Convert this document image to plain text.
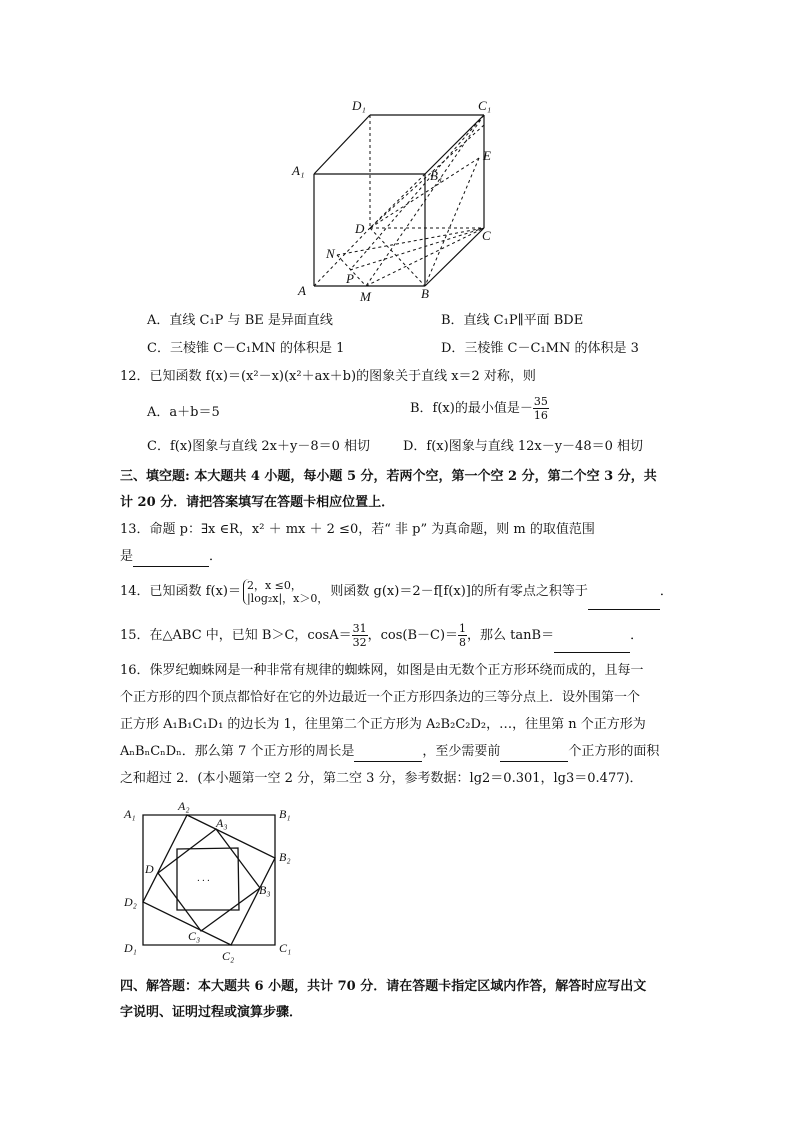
D₁	C₁
A₁	B₁
E
D	C
N
P
A	M	B
A．直线 C₁P 与 BE 是异面直线	B．直线 C₁P∥平面 BDE
C．三棱锥 C－C₁MN 的体积是 1	D．三棱锥 C－C₁MN 的体积是 3
12．已知函数 f(x)＝(x²－x)(x²＋ax＋b)的图象关于直线 x＝2 对称，则
A．a＋b＝5	B．f(x)的最小值是－ $\frac{35}{16}$
C．f(x)图象与直线 2x＋y－8＝0 相切	D．f(x)图象与直线 12x－y－48＝0 相切
三、填空题: 本大题共 4 小题，每小题 5 分，若两个空，第一个空 2 分，第二个空 3 分，共
计 20 分．请把答案填写在答题卡相应位置上．
13．命题 p：∃x ∈R，x² ＋ mx ＋ 2 ≤0，若“ 非 p” 为真命题，则 m 的取值范围
是	．
14．已知函数 f(x)＝ 2，x ≤0，
|log₂x|，x＞0， 则函数 g(x)＝2－f[f(x)]的所有零点之积等于	．
15．在△ABC 中，已知 B＞C，$\cos A= \frac{31}{32}$ ，$\cos(B-C)= \frac{1}{8}$ ，那么 tanB＝	．
16．侏罗纪蜘蛛网是一种非常有规律的蜘蛛网，如图是由无数个正方形环绕而成的，且每一
个正方形的四个顶点都恰好在它的外边最近一个正方形四条边的三等分点上．设外围第一个
正方形 A₁B₁C₁D₁ 的边长为 1，往里第二个正方形为 A₂B₂C₂D₂，…，往里第 n 个正方形为
AₙBₙCₙDₙ．那么第 7 个正方形的周长是	，至少需要前	个正方形的面积
之和超过 2．(本小题第一空 2 分，第二空 3 分，参考数据：lg2＝0.301，lg3＝0.477)．
A₁
A₂
A₃
B₁
B₂
B₃
D
D₂
C₃
C₂
D₁	C₁
· · ·
四、解答题：本大题共 6 小题，共计 70 分．请在答题卡指定区域内作答，解答时应写出文
字说明、证明过程或演算步骤．
